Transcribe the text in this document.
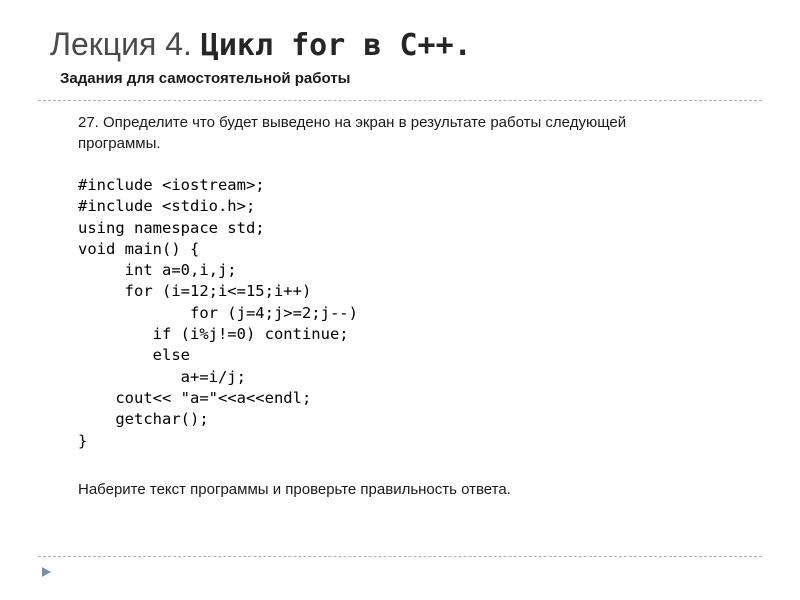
Лекция 4. Цикл for в С++.
Задания для самостоятельной работы

27. Определите что будет выведено на экран в результате работы следующей программы.

#include <iostream>;
#include <stdio.h>;
using namespace std;
void main() {
int a=0,i,j;
for (i=12;i<=15;i++)
for (j=4;j>=2;j--)
if (i%j!=0) continue;
else
a+=i/j;
cout<< "a="<<a<<endl;
getchar();
}
Наберите текст программы и проверьте правильность ответа.
